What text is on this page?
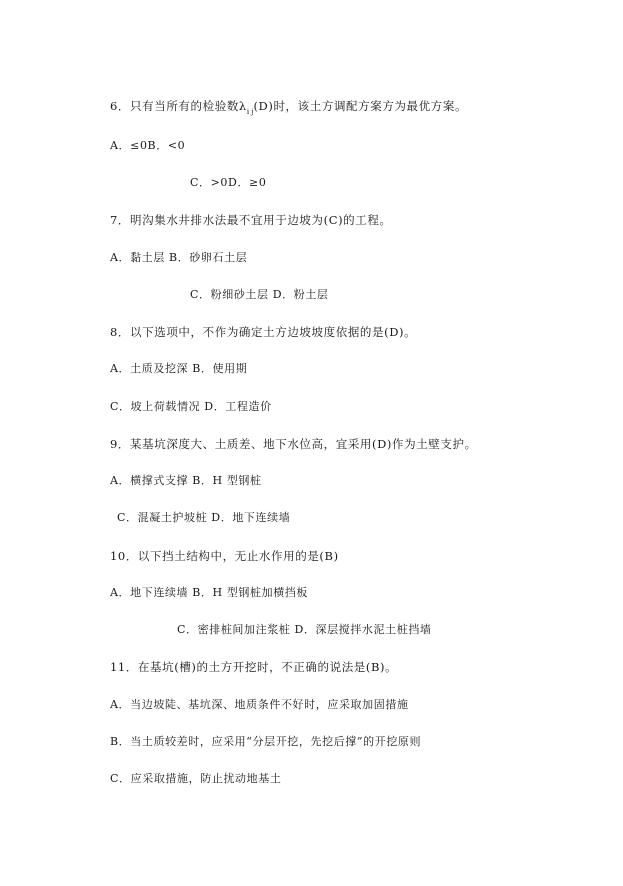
6．只有当所有的检验数$\lambda_{i j}(D)$时，该土方调配方案方为最优方案。
A．≤0B．<0
C．>0D．≥0
7．明沟集水井排水法最不宜用于边坡为(C)的工程。
A．黏土层 B．砂卵石土层
C．粉细砂土层 D．粉土层
8．以下选项中，不作为确定土方边坡坡度依据的是(D)。
A．土质及挖深 B．使用期
C．坡上荷载情况 D．工程造价
9．某基坑深度大、土质差、地下水位高，宜采用(D)作为土壁支护。
A．横撑式支撑 B．H 型钢桩
C．混凝土护坡桩 D．地下连续墙
10．以下挡土结构中，无止水作用的是(B)
A．地下连续墙 B．H 型钢桩加横挡板
C．密排桩间加注浆桩 D．深层搅拌水泥土桩挡墙
11．在基坑(槽)的土方开挖时，不正确的说法是(B)。
A．当边坡陡、基坑深、地质条件不好时，应采取加固措施
B．当土质较差时，应采用“分层开挖，先挖后撑”的开挖原则
C．应采取措施，防止扰动地基土
